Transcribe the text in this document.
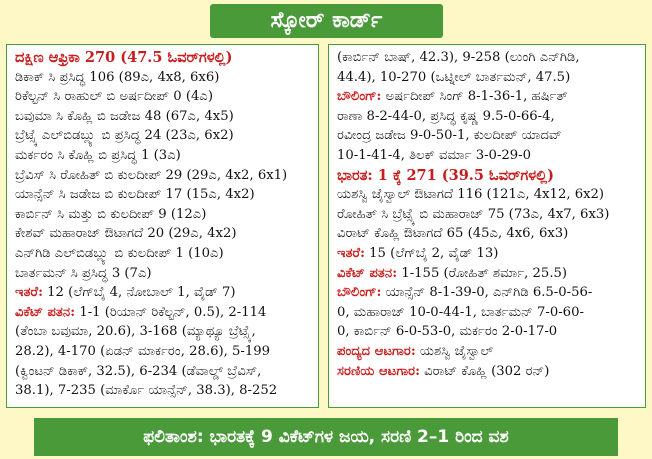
ಸ್ಕೋರ್ ಕಾರ್ಡ್
ದಕ್ಷಿಣ ಆಫ್ರಿಕಾ 270 (47.5 ಓವರ್‌ಗಳಲ್ಲಿ)
ಡಿಕಾಕ್ ಸಿ ಪ್ರಸಿದ್ಧ 106 (89ಎ, 4x8, 6x6)
ರಿಕೆಲ್ಟನ್ ಸಿ ರಾಹುಲ್ ಬಿ ಅರ್ಷದೀಪ್ 0 (4ಎ)
ಬವುಮಾ ಸಿ ಕೊಹ್ಲಿ ಬಿ ಜಡೇಜ 48 (67ಎ, 4x5)
ಬ್ರೆಟ್ಸ್ಕೆ ಎಲ್‌ಬಿಡಬ್ಲ್ಯು ಬಿ ಪ್ರಸಿದ್ಧ 24 (23ಎ, 6x2)
ಮರ್ಕರಂ ಸಿ ಕೊಹ್ಲಿ ಬಿ ಪ್ರಸಿದ್ಧ 1 (3ಎ)
ಬ್ರೆವಿಸ್ ಸಿ ರೋಹಿತ್ ಬಿ ಕುಲದೀಪ್ 29 (29ಎ, 4x2, 6x1)
ಯಾನ್ಸೆನ್ ಸಿ ಜಡೇಜ ಬಿ ಕುಲದೀಪ್ 17 (15ಎ, 4x2)
ಕಾರ್ಬಿನ್ ಸಿ ಮತ್ತು ಬಿ ಕುಲದೀಪ್ 9 (12ಎ)
ಕೇಶವ್ ಮಹಾರಾಜ್ ಔಟಾಗದೆ 20 (29ಎ, 4x2)
ಎನ್‌ಗಿಡಿ ಎಲ್‌ಬಿಡಬ್ಲ್ಯು ಬಿ ಕುಲದೀಪ್ 1 (10ಎ)
ಬಾರ್ತಮನ್ ಸಿ ಪ್ರಸಿದ್ಧ 3 (7ಎ)
ಇತರೆ: 12 (ಲೆಗ್‌ಬೈ 4, ನೋಬಾಲ್ 1, ವೈಡ್ 7)
ವಿಕೆಟ್ ಪತನ: 1-1 (ರಿಯಾನ್ ರಿಕೆಲ್ಟನ್, 0.5), 2-114
(ತೆಂಬಾ ಬವುಮಾ, 20.6), 3-168 (ಮ್ಯಾಥ್ಯೂ ಬ್ರೆಟ್ಸ್ಕೆ,
28.2), 4-170 (ಏಡನ್ ಮಾರ್ಕರಂ, 28.6), 5-199
(ಕ್ವಿಂಟನ್ ಡಿಕಾಕ್, 32.5), 6-234 (ಡೆವಾಲ್ಡ್ ಬ್ರೆವಿಸ್,
38.1), 7-235 (ಮಾರ್ಕೊ ಯಾನ್ಸೆನ್, 38.3), 8-252
(ಕಾರ್ಬಿನ್ ಬಾಷ್, 42.3), 9-258 (ಲುಂಗಿ ಎನ್‌ಗಿಡಿ,
44.4), 10-270 (ಒಟ್ನೀಲ್ ಬಾರ್ತಮನ್, 47.5)
ಬೌಲಿಂಗ್: ಅರ್ಷದೀಪ್ ಸಿಂಗ್ 8-1-36-1, ಹರ್ಷಿತ್
ರಾಣಾ 8-2-44-0, ಪ್ರಸಿದ್ಧ ಕೃಷ್ಣ 9.5-0-66-4,
ರವೀಂದ್ರ ಜಡೇಜ 9-0-50-1, ಕುಲದೀಪ್ ಯಾದವ್
10-1-41-4, ತಿಲಕ್ ವರ್ಮಾ 3-0-29-0
ಭಾರತ: 1 ಕ್ಕೆ 271 (39.5 ಓವರ್‌ಗಳಲ್ಲಿ)
ಯಶಸ್ವಿ ಜೈಸ್ವಾಲ್ ಔಟಾಗದೆ 116 (121ಎ, 4x12, 6x2)
ರೋಹಿತ್ ಸಿ ಬ್ರೆಟ್ಸ್ಕೆ ಬಿ ಮಹಾರಾಜ್ 75 (73ಎ, 4x7, 6x3)
ವಿರಾಟ್ ಕೊಹ್ಲಿ ಔಟಾಗದೆ 65 (45ಎ, 4x6, 6x3)
ಇತರೆ: 15 (ಲೆಗ್‌ಬೈ 2, ವೈಡ್ 13)
ವಿಕೆಟ್ ಪತನ: 1-155 (ರೋಹಿತ್ ಶರ್ಮಾ, 25.5)
ಬೌಲಿಂಗ್: ಯಾನ್ಸೆನ್ 8-1-39-0, ಎನ್‌ಗಿಡಿ 6.5-0-56-
0, ಮಹಾರಾಜ್ 10-0-44-1, ಬಾರ್ತಮನ್ 7-0-60-
0, ಕಾರ್ಬಿನ್ 6-0-53-0, ಮರ್ಕರಂ 2-0-17-0
ಪಂದ್ಯದ ಆಟಗಾರ: ಯಶಸ್ವಿ ಜೈಸ್ವಾಲ್
ಸರಣಿಯ ಆಟಗಾರ: ವಿರಾಟ್ ಕೊಹ್ಲಿ (302 ರನ್)
ಫಲಿತಾಂಶ: ಭಾರತಕ್ಕೆ 9 ವಿಕೆಟ್‌ಗಳ ಜಯ, ಸರಣಿ 2–1 ರಿಂದ ವಶ
